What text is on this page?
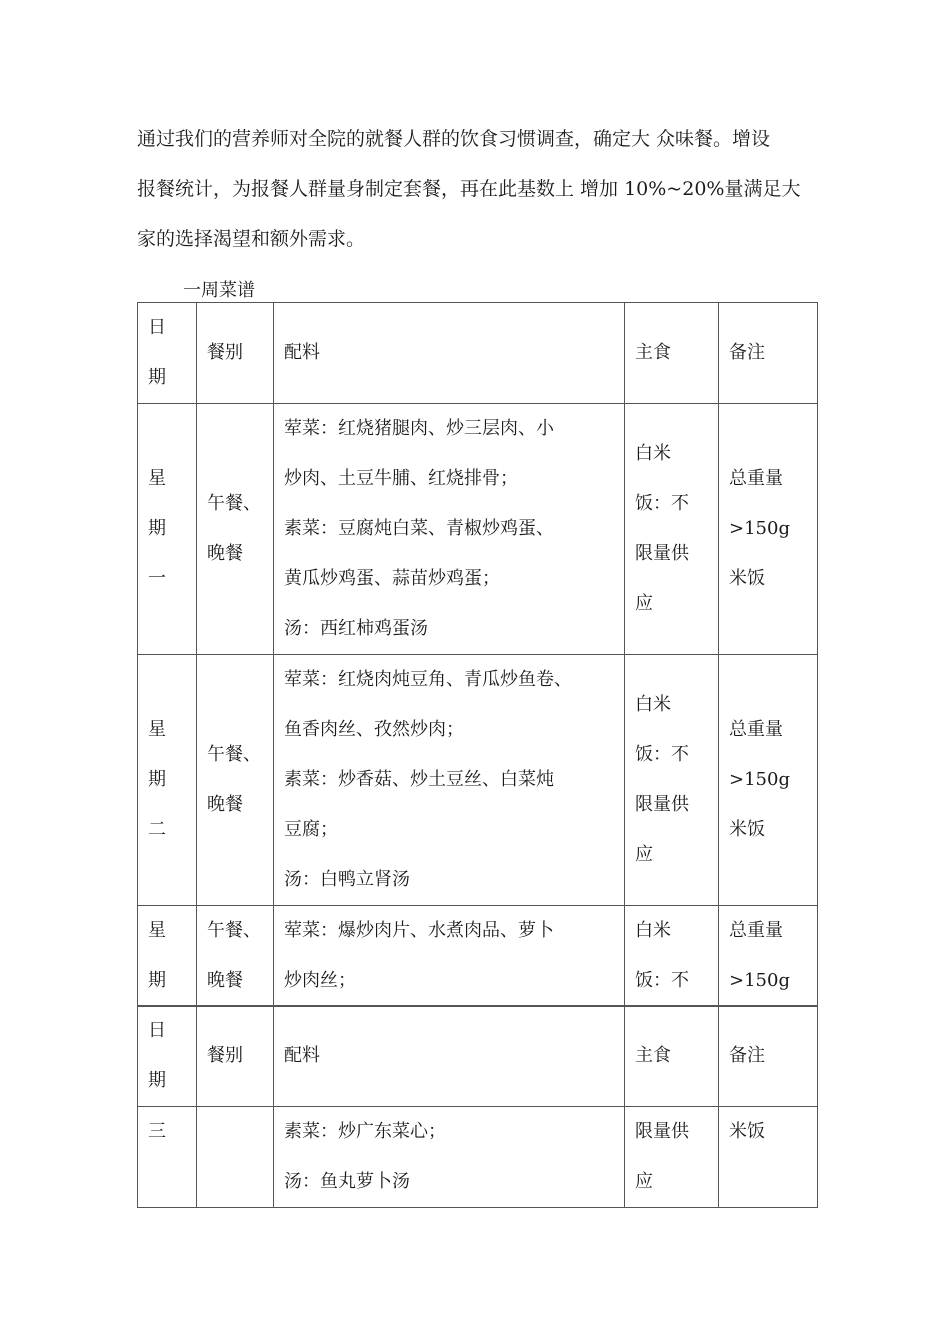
通过我们的营养师对全院的就餐人群的饮食习惯调查，确定大 众味餐。增设
报餐统计，为报餐人群量身制定套餐，再在此基数上 增加 10%~20%量满足大
家的选择渴望和额外需求。
一周菜谱
日
期	餐别	配料	主食	备注

星
期
一	午餐、
晚餐	荤菜：红烧猪腿肉、炒三层肉、小
炒肉、土豆牛脯、红烧排骨；
素菜：豆腐炖白菜、青椒炒鸡蛋、
黄瓜炒鸡蛋、蒜苗炒鸡蛋；
汤：西红柿鸡蛋汤	白米
饭：不
限量供
应	总重量
>150g
米饭

星
期
二	午餐、
晚餐	荤菜：红烧肉炖豆角、青瓜炒鱼卷、
鱼香肉丝、孜然炒肉；
素菜：炒香菇、炒土豆丝、白菜炖
豆腐；
汤：白鸭立肾汤	白米
饭：不
限量供
应	总重量
>150g
米饭

星
期	午餐、
晚餐	荤菜：爆炒肉片、水煮肉品、萝卜
炒肉丝；	白米
饭：不	总重量
>150g
日
期	餐别	配料	主食	备注

三		素菜：炒广东菜心；
汤：鱼丸萝卜汤	限量供
应	米饭
